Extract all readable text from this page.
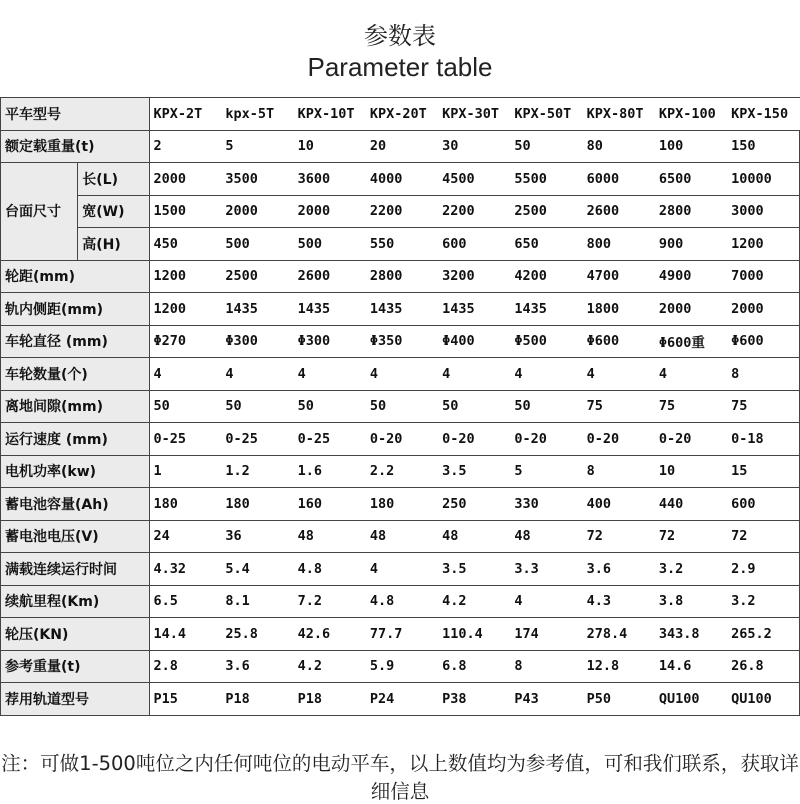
参数表
Parameter table
平车型号		KPX-2T	kpx-5T	KPX-10T	KPX-20T	KPX-30T	KPX-50T	KPX-80T	KPX-100	KPX-150
额定载重量(t)		2	5	10	20	30	50	80	100	150
台面尺寸	长(L)	2000	3500	3600	4000	4500	5500	6000	6500	10000
	宽(W)	1500	2000	2000	2200	2200	2500	2600	2800	3000
	高(H)	450	500	500	550	600	650	800	900	1200
轮距(mm)		1200	2500	2600	2800	3200	4200	4700	4900	7000
轨内侧距(mm)		1200	1435	1435	1435	1435	1435	1800	2000	2000
车轮直径 (mm)		Φ270	Φ300	Φ300	Φ350	Φ400	Φ500	Φ600	Φ600重	Φ600
车轮数量(个)		4	4	4	4	4	4	4	4	8
离地间隙(mm)		50	50	50	50	50	50	75	75	75
运行速度 (mm)		0-25	0-25	0-25	0-20	0-20	0-20	0-20	0-20	0-18
电机功率(kw)		1	1.2	1.6	2.2	3.5	5	8	10	15
蓄电池容量(Ah)		180	180	160	180	250	330	400	440	600
蓄电池电压(V)		24	36	48	48	48	48	72	72	72
满载连续运行时间		4.32	5.4	4.8	4	3.5	3.3	3.6	3.2	2.9
续航里程(Km)		6.5	8.1	7.2	4.8	4.2	4	4.3	3.8	3.2
轮压(KN)		14.4	25.8	42.6	77.7	110.4	174	278.4	343.8	265.2
参考重量(t)		2.8	3.6	4.2	5.9	6.8	8	12.8	14.6	26.8
荐用轨道型号		P15	P18	P18	P24	P38	P43	P50	QU100	QU100
注：可做1-500吨位之内任何吨位的电动平车，以上数值均为参考值，可和我们联系，获取详细信息
